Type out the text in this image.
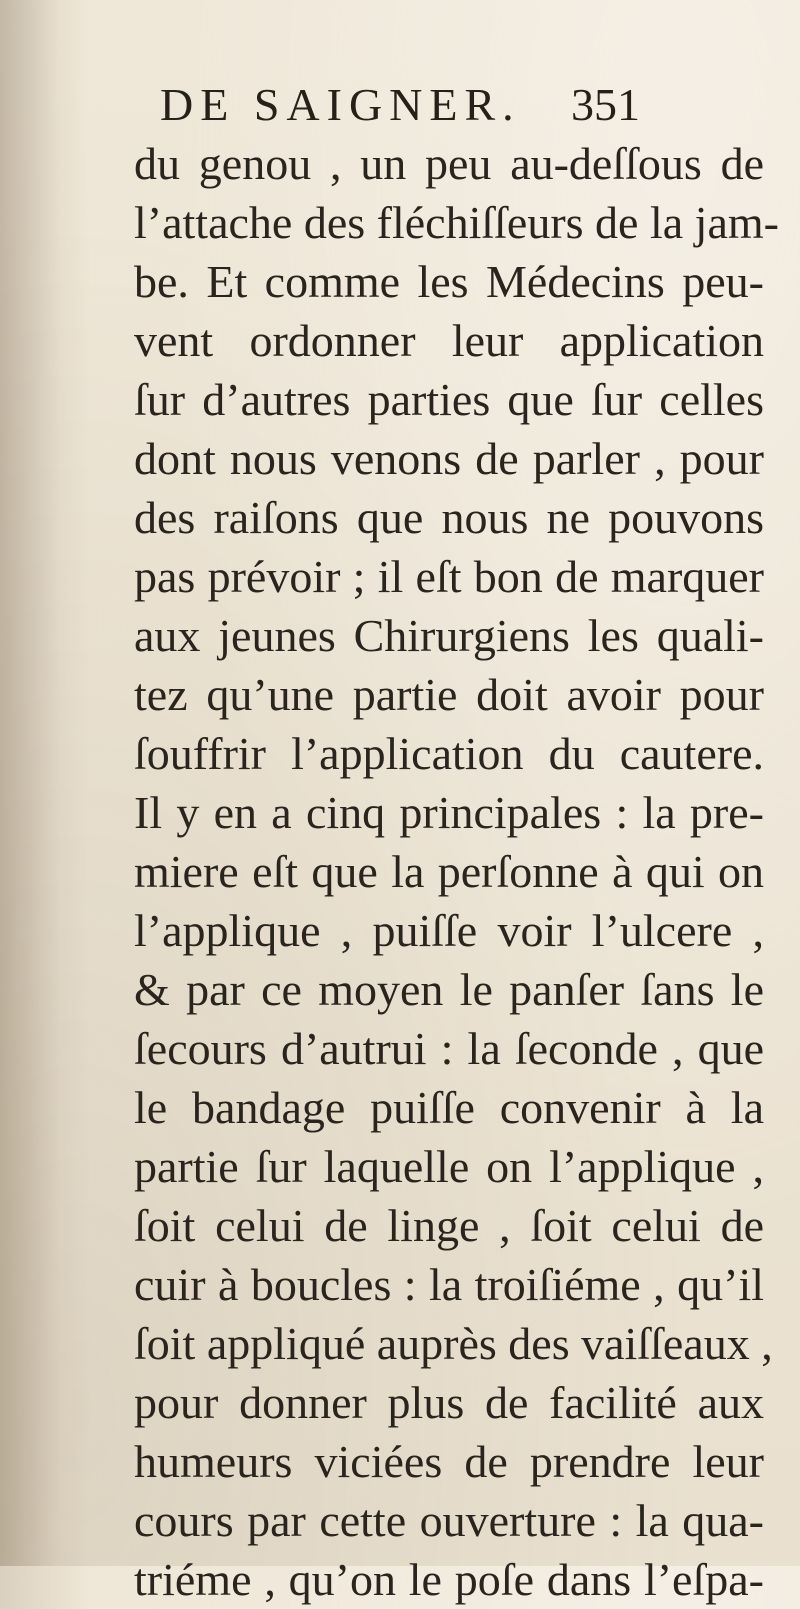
DE SAIGNER. 351
du genou , un peu au-deſſous de
l’attache des fléchiſſeurs de la jam-
be. Et comme les Médecins peu-
vent ordonner leur application
ſur d’autres parties que ſur celles
dont nous venons de parler , pour
des raiſons que nous ne pouvons
pas prévoir ; il eſt bon de marquer
aux jeunes Chirurgiens les quali-
tez qu’une partie doit avoir pour
ſouffrir l’application du cautere.
Il y en a cinq principales : la pre-
miere eſt que la perſonne à qui on
l’applique , puiſſe voir l’ulcere ,
& par ce moyen le panſer ſans le
ſecours d’autrui : la ſeconde , que
le bandage puiſſe convenir à la
partie ſur laquelle on l’applique ,
ſoit celui de linge , ſoit celui de
cuir à boucles : la troiſiéme , qu’il
ſoit appliqué auprès des vaiſſeaux ,
pour donner plus de facilité aux
humeurs viciées de prendre leur
cours par cette ouverture : la qua-
triéme , qu’on le poſe dans l’eſpa-
